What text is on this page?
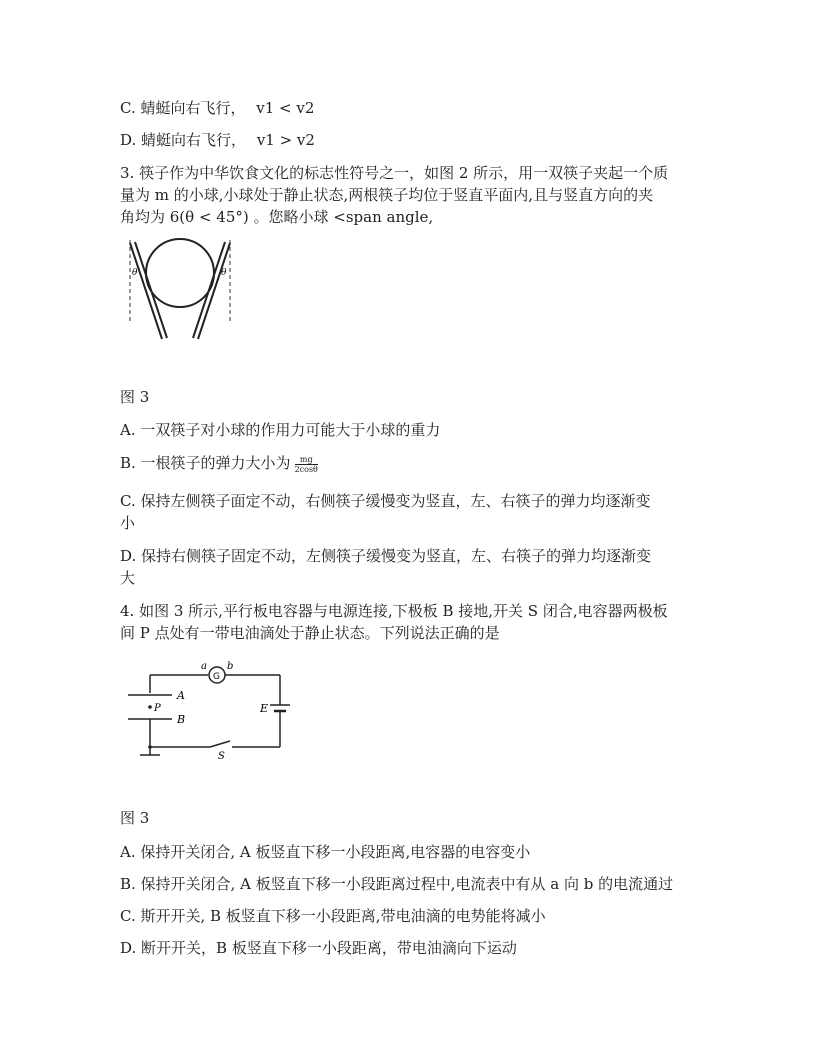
C. 蜻蜓向右飞行， v1 < v2
D. 蜻蜓向右飞行， v1 > v2
3. 筷子作为中华饮食文化的标志性符号之一，如图 2 所示，用一双筷子夹起一个质
量为 m 的小球,小球处于静止状态,两根筷子均位于竖直平面内,且与竖直方向的夹
角均为 6(θ < 45°) 。您略小球 <span angle,
θ	θ
图 3
A. 一双筷子对小球的作用力可能大于小球的重力
B. 一根筷子的弹力大小为 $\frac{mg}{2\cos\theta}$
C. 保持左侧筷子面定不动，右侧筷子缓慢变为竖直，左、右筷子的弹力均逐渐变
小
D. 保持右侧筷子固定不动，左侧筷子缓慢变为竖直，左、右筷子的弹力均逐渐变
大
4. 如图 3 所示,平行板电容器与电源连接,下极板 B 接地,开关 S 闭合,电容器两极板
间 P 点处有一带电油滴处于静止状态。下列说法正确的是
G
a b
E
A
B
P
S
图 3
A. 保持开关闭合, A 板竖直下移一小段距离,电容器的电容变小
B. 保持开关闭合, A 板竖直下移一小段距离过程中,电流表中有从 a 向 b 的电流通过
C. 斯开开关, B 板竖直下移一小段距离,带电油滴的电势能将减小
D. 断开开关，B 板竖直下移一小段距离，带电油滴向下运动
